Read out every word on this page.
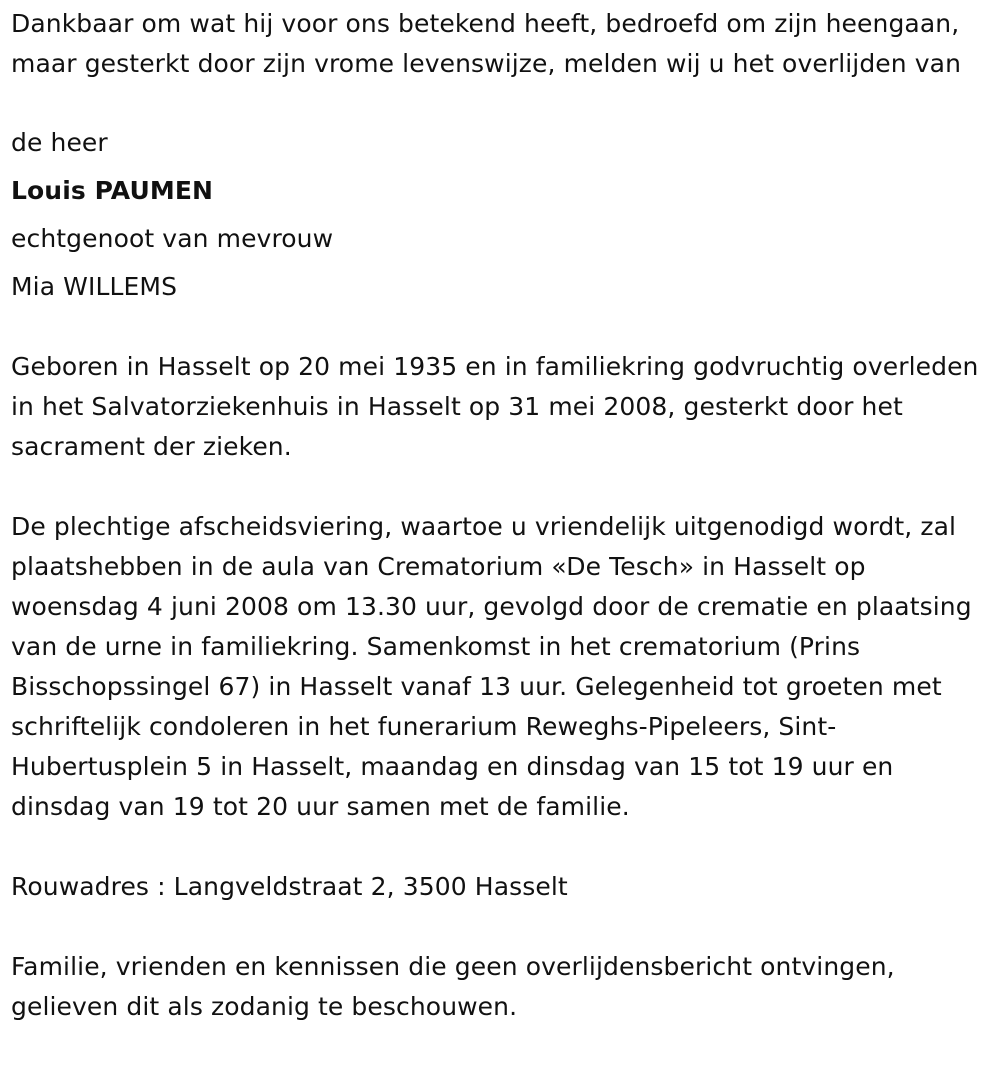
Dankbaar om wat hij voor ons betekend heeft, bedroefd om zijn heengaan, maar gesterkt door zijn vrome levenswijze, melden wij u het overlijden van

de heer

Louis PAUMEN

echtgenoot van mevrouw

Mia WILLEMS

Geboren in Hasselt op 20 mei 1935 en in familiekring godvruchtig overleden in het Salvatorziekenhuis in Hasselt op 31 mei 2008, gesterkt door het sacrament der zieken.

De plechtige afscheidsviering, waartoe u vriendelijk uitgenodigd wordt, zal plaatshebben in de aula van Crematorium «De Tesch» in Hasselt op woensdag 4 juni 2008 om 13.30 uur, gevolgd door de crematie en plaatsing van de urne in familiekring. Samenkomst in het crematorium (Prins Bisschopssingel 67) in Hasselt vanaf 13 uur. Gelegenheid tot groeten met schriftelijk condoleren in het funerarium Reweghs-Pipeleers, Sint-Hubertusplein 5 in Hasselt, maandag en dinsdag van 15 tot 19 uur en dinsdag van 19 tot 20 uur samen met de familie.

Rouwadres : Langveldstraat 2, 3500 Hasselt

Familie, vrienden en kennissen die geen overlijdensbericht ontvingen, gelieven dit als zodanig te beschouwen.
